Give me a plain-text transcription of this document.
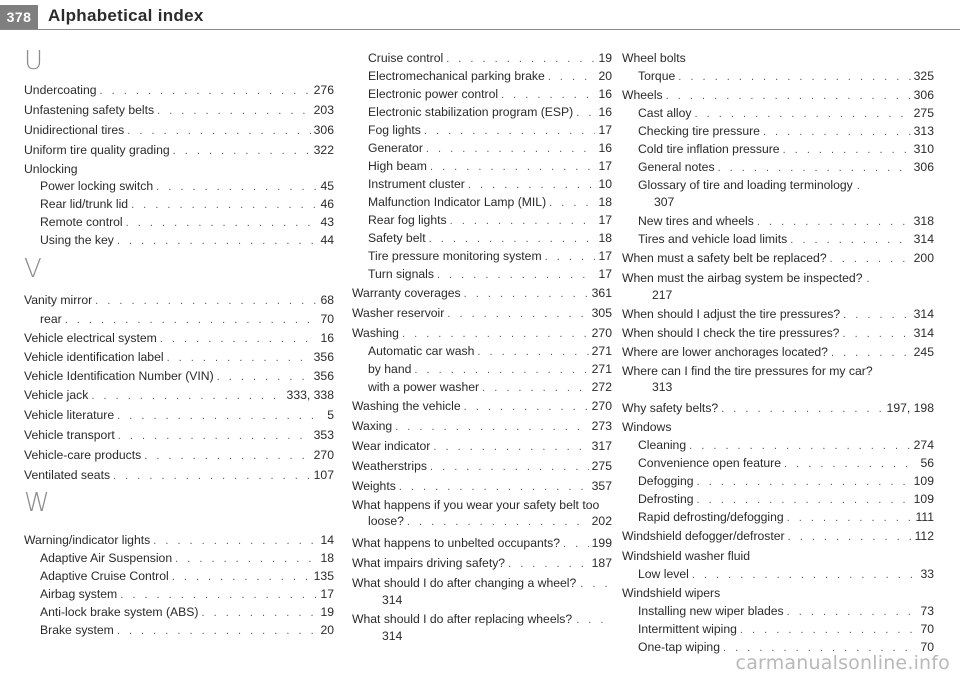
378 Alphabetical index
U
Undercoating . . .	276
Unfastening safety belts . . .	203
Unidirectional tires . . .	306
Uniform tire quality grading . . .	322
Unlocking
Power locking switch . . .	45
Rear lid/trunk lid . . .	46
Remote control . . .	43
Using the key . . .	44
V
Vanity mirror . . .	68
rear . . .	70
Vehicle electrical system . . .	16
Vehicle identification label . . .	356
Vehicle Identification Number (VIN) . . .	356
Vehicle jack . . .	333, 338
Vehicle literature . . .	5
Vehicle transport . . .	353
Vehicle-care products . . .	270
Ventilated seats . . .	107
W
Warning/indicator lights . . .	14
Adaptive Air Suspension . . .	18
Adaptive Cruise Control . . .	135
Airbag system . . .	17
Anti-lock brake system (ABS) . . .	19
Brake system . . .	20
Cruise control . . .	19
Electromechanical parking brake . . .	20
Electronic power control . . .	16
Electronic stabilization program (ESP) . . . 16
Fog lights . . .	17
Generator . . .	16
High beam . . .	17
Instrument cluster . . .	10
Malfunction Indicator Lamp (MIL) . . .	18
Rear fog lights . . .	17
Safety belt . . .	18
Tire pressure monitoring system . . .	17
Turn signals . . .	17
Warranty coverages . . .	361
Washer reservoir . . .	305
Washing . . .	270
Automatic car wash . . .	271
by hand . . .	271
with a power washer . . .	272
Washing the vehicle . . .	270
Waxing . . .	273
Wear indicator . . .	317
Weatherstrips . . .	275
Weights . . .	357
What happens if you wear your safety belt too
loose? . . .	202
What happens to unbelted occupants? . . .	199
What impairs driving safety? . . .	187
What should I do after changing a wheel? . . .
314
What should I do after replacing wheels? . . .
314
Wheel bolts
Torque . . .	325
Wheels . . .	306
Cast alloy . . .	275
Checking tire pressure . . .	313
Cold tire inflation pressure . . .	310
General notes . . .	306
Glossary of tire and loading terminology .
307
New tires and wheels . . .	318
Tires and vehicle load limits . . .	314
When must a safety belt be replaced? . . .	200
When must the airbag system be inspected? .
217
When should I adjust the tire pressures? . . .	314
When should I check the tire pressures? . . .	314
Where are lower anchorages located? . . .	245
Where can I find the tire pressures for my car?
313
Why safety belts? . . .	197, 198
Windows
Cleaning . . .	274
Convenience open feature . . .	56
Defogging . . .	109
Defrosting . . .	109
Rapid defrosting/defogging . . .	111
Windshield defogger/defroster . . .	112
Windshield washer fluid
Low level . . .	33
Windshield wipers
Installing new wiper blades . . .	73
Intermittent wiping . . .	70
One-tap wiping . . .	70
carmanualsonline.info
